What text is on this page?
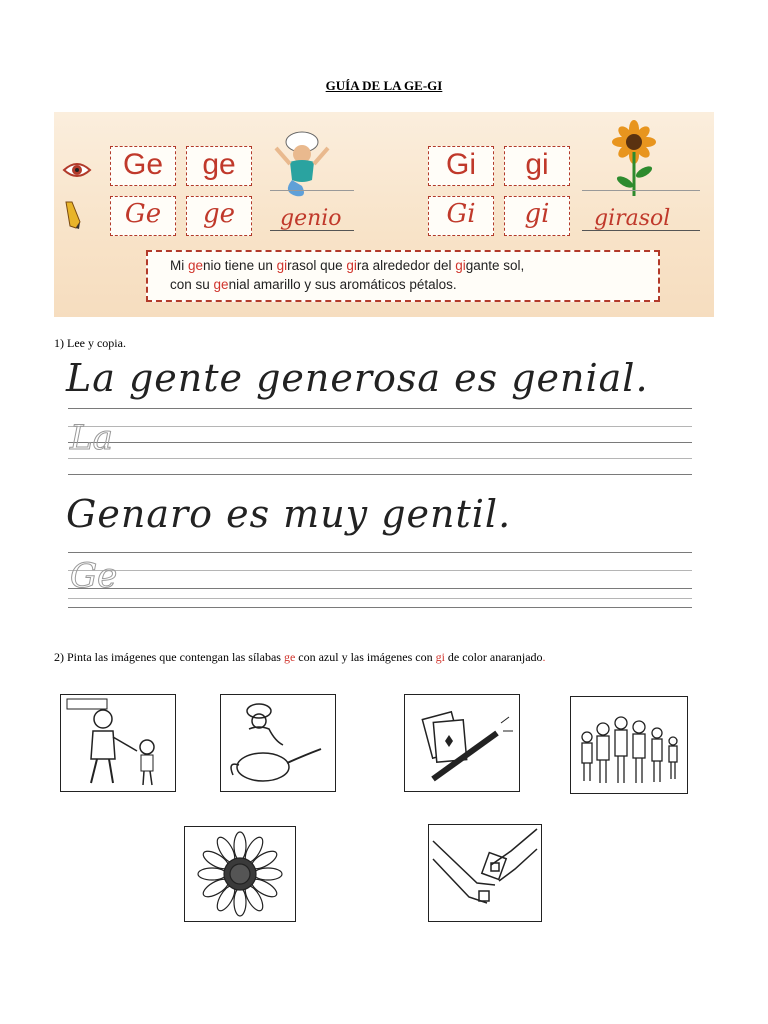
GUÍA DE LA GE-GI
Ge	ge
Ge	ge	genio
Gi	gi
Gi	gi	girasol
Mi genio tiene un girasol que gira alrededor del gigante sol,
con su genial amarillo y sus aromáticos pétalos.
1) Lee y copia.
La gente generosa es genial.
La
Genaro es muy gentil.
Ge
2) Pinta las imágenes que contengan las sílabas ge con azul y las imágenes con gi de color anaranjado.
